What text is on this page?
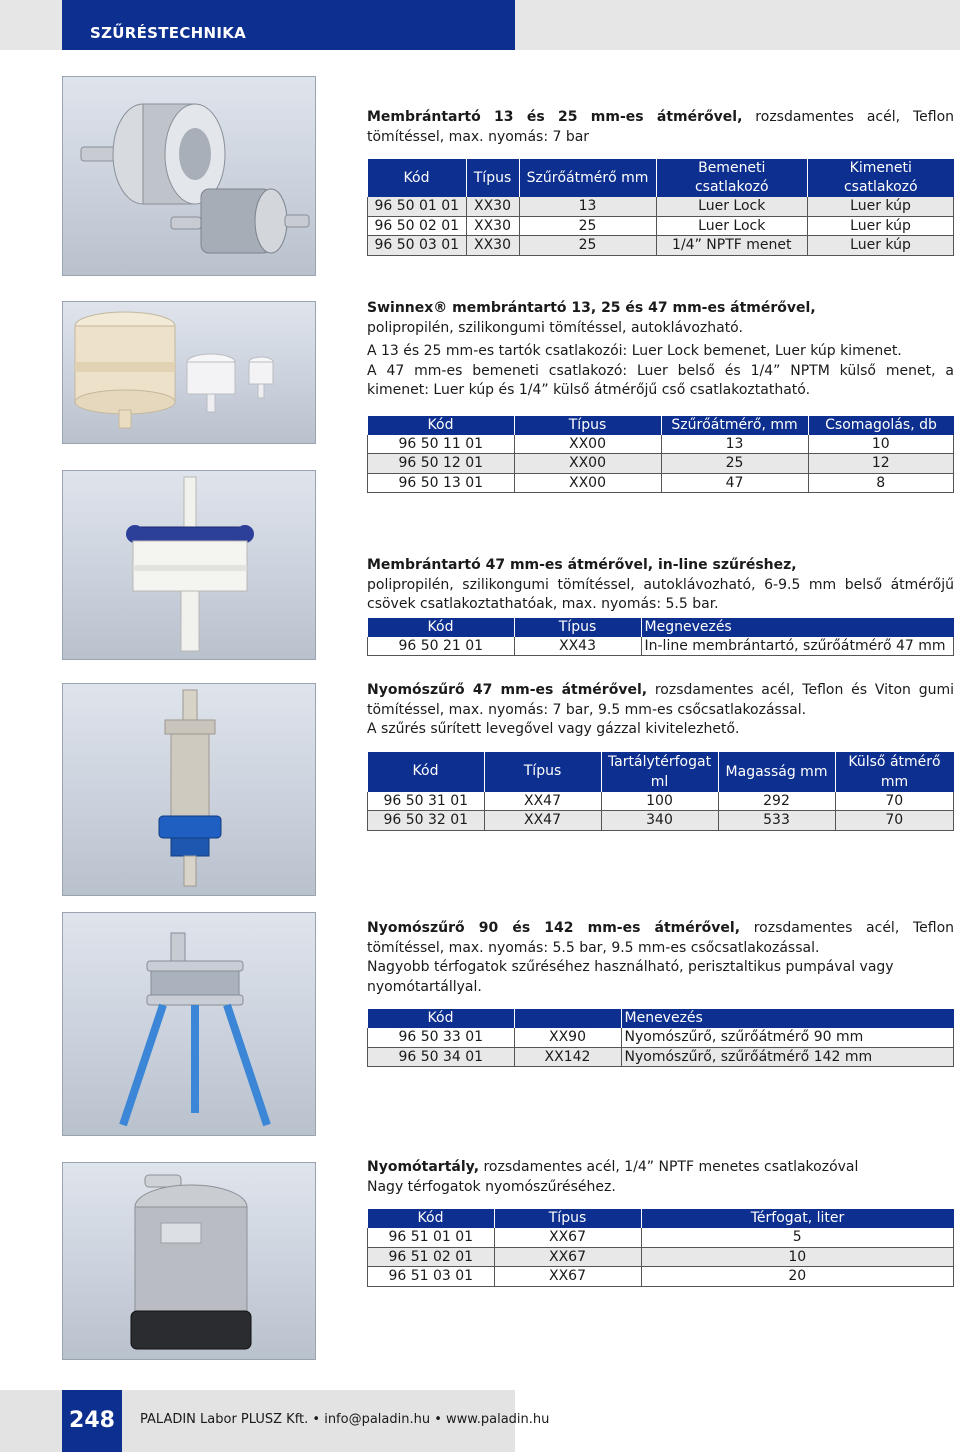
SZŰRÉSTECHNIKA

Membrántartó 13 és 25 mm-es átmérővel, rozsdamentes acél, Teflon tömítéssel, max. nyomás: 7 bar

Kód	Típus	Szűrőátmérő mm	Bemeneti csatlakozó	Kimeneti csatlakozó
96 50 01 01	XX30	13	Luer Lock	Luer kúp
96 50 02 01	XX30	25	Luer Lock	Luer kúp
96 50 03 01	XX30	25	1/4” NPTF menet	Luer kúp

Swinnex® membrántartó 13, 25 és 47 mm-es átmérővel,

polipropilén, szilikongumi tömítéssel, autoklávozható.

A 13 és 25 mm-es tartók csatlakozói: Luer Lock bemenet, Luer kúp kimenet.

A 47 mm-es bemeneti csatlakozó: Luer belső és 1/4” NPTM külső menet, a kimenet: Luer kúp és 1/4” külső átmérőjű cső csatlakoztatható.

Kód	Típus	Szűrőátmérő, mm	Csomagolás, db
96 50 11 01	XX00	13	10
96 50 12 01	XX00	25	12
96 50 13 01	XX00	47	8

Membrántartó 47 mm-es átmérővel, in-line szűréshez,

polipropilén, szilikongumi tömítéssel, autoklávozható, 6-9.5 mm belső átmérőjű csövek csatlakoztathatóak, max. nyomás: 5.5 bar.

Kód	Típus	Megnevezés
96 50 21 01	XX43	In-line membrántartó, szűrőátmérő 47 mm

Nyomószűrő 47 mm-es átmérővel, rozsdamentes acél, Teflon és Viton gumi tömítéssel, max. nyomás: 7 bar, 9.5 mm-es csőcsatlakozással.

A szűrés sűrített levegővel vagy gázzal kivitelezhető.

Kód	Típus	Tartálytérfogat ml	Magasság mm	Külső átmérő mm
96 50 31 01	XX47	100	292	70
96 50 32 01	XX47	340	533	70

Nyomószűrő 90 és 142 mm-es átmérővel, rozsdamentes acél, Teflon tömítéssel, max. nyomás: 5.5 bar, 9.5 mm-es csőcsatlakozással.

Nagyobb térfogatok szűréséhez használható, perisztaltikus pumpával vagy nyomótartállyal.

Kód		Menevezés
96 50 33 01	XX90	Nyomószűrő, szűrőátmérő 90 mm
96 50 34 01	XX142	Nyomószűrő, szűrőátmérő 142 mm

Nyomótartály, rozsdamentes acél, 1/4” NPTF menetes csatlakozóval

Nagy térfogatok nyomószűréséhez.

Kód	Típus	Térfogat, liter
96 51 01 01	XX67	5
96 51 02 01	XX67	10
96 51 03 01	XX67	20
248	PALADIN Labor PLUSZ Kft. • info@paladin.hu • www.paladin.hu
